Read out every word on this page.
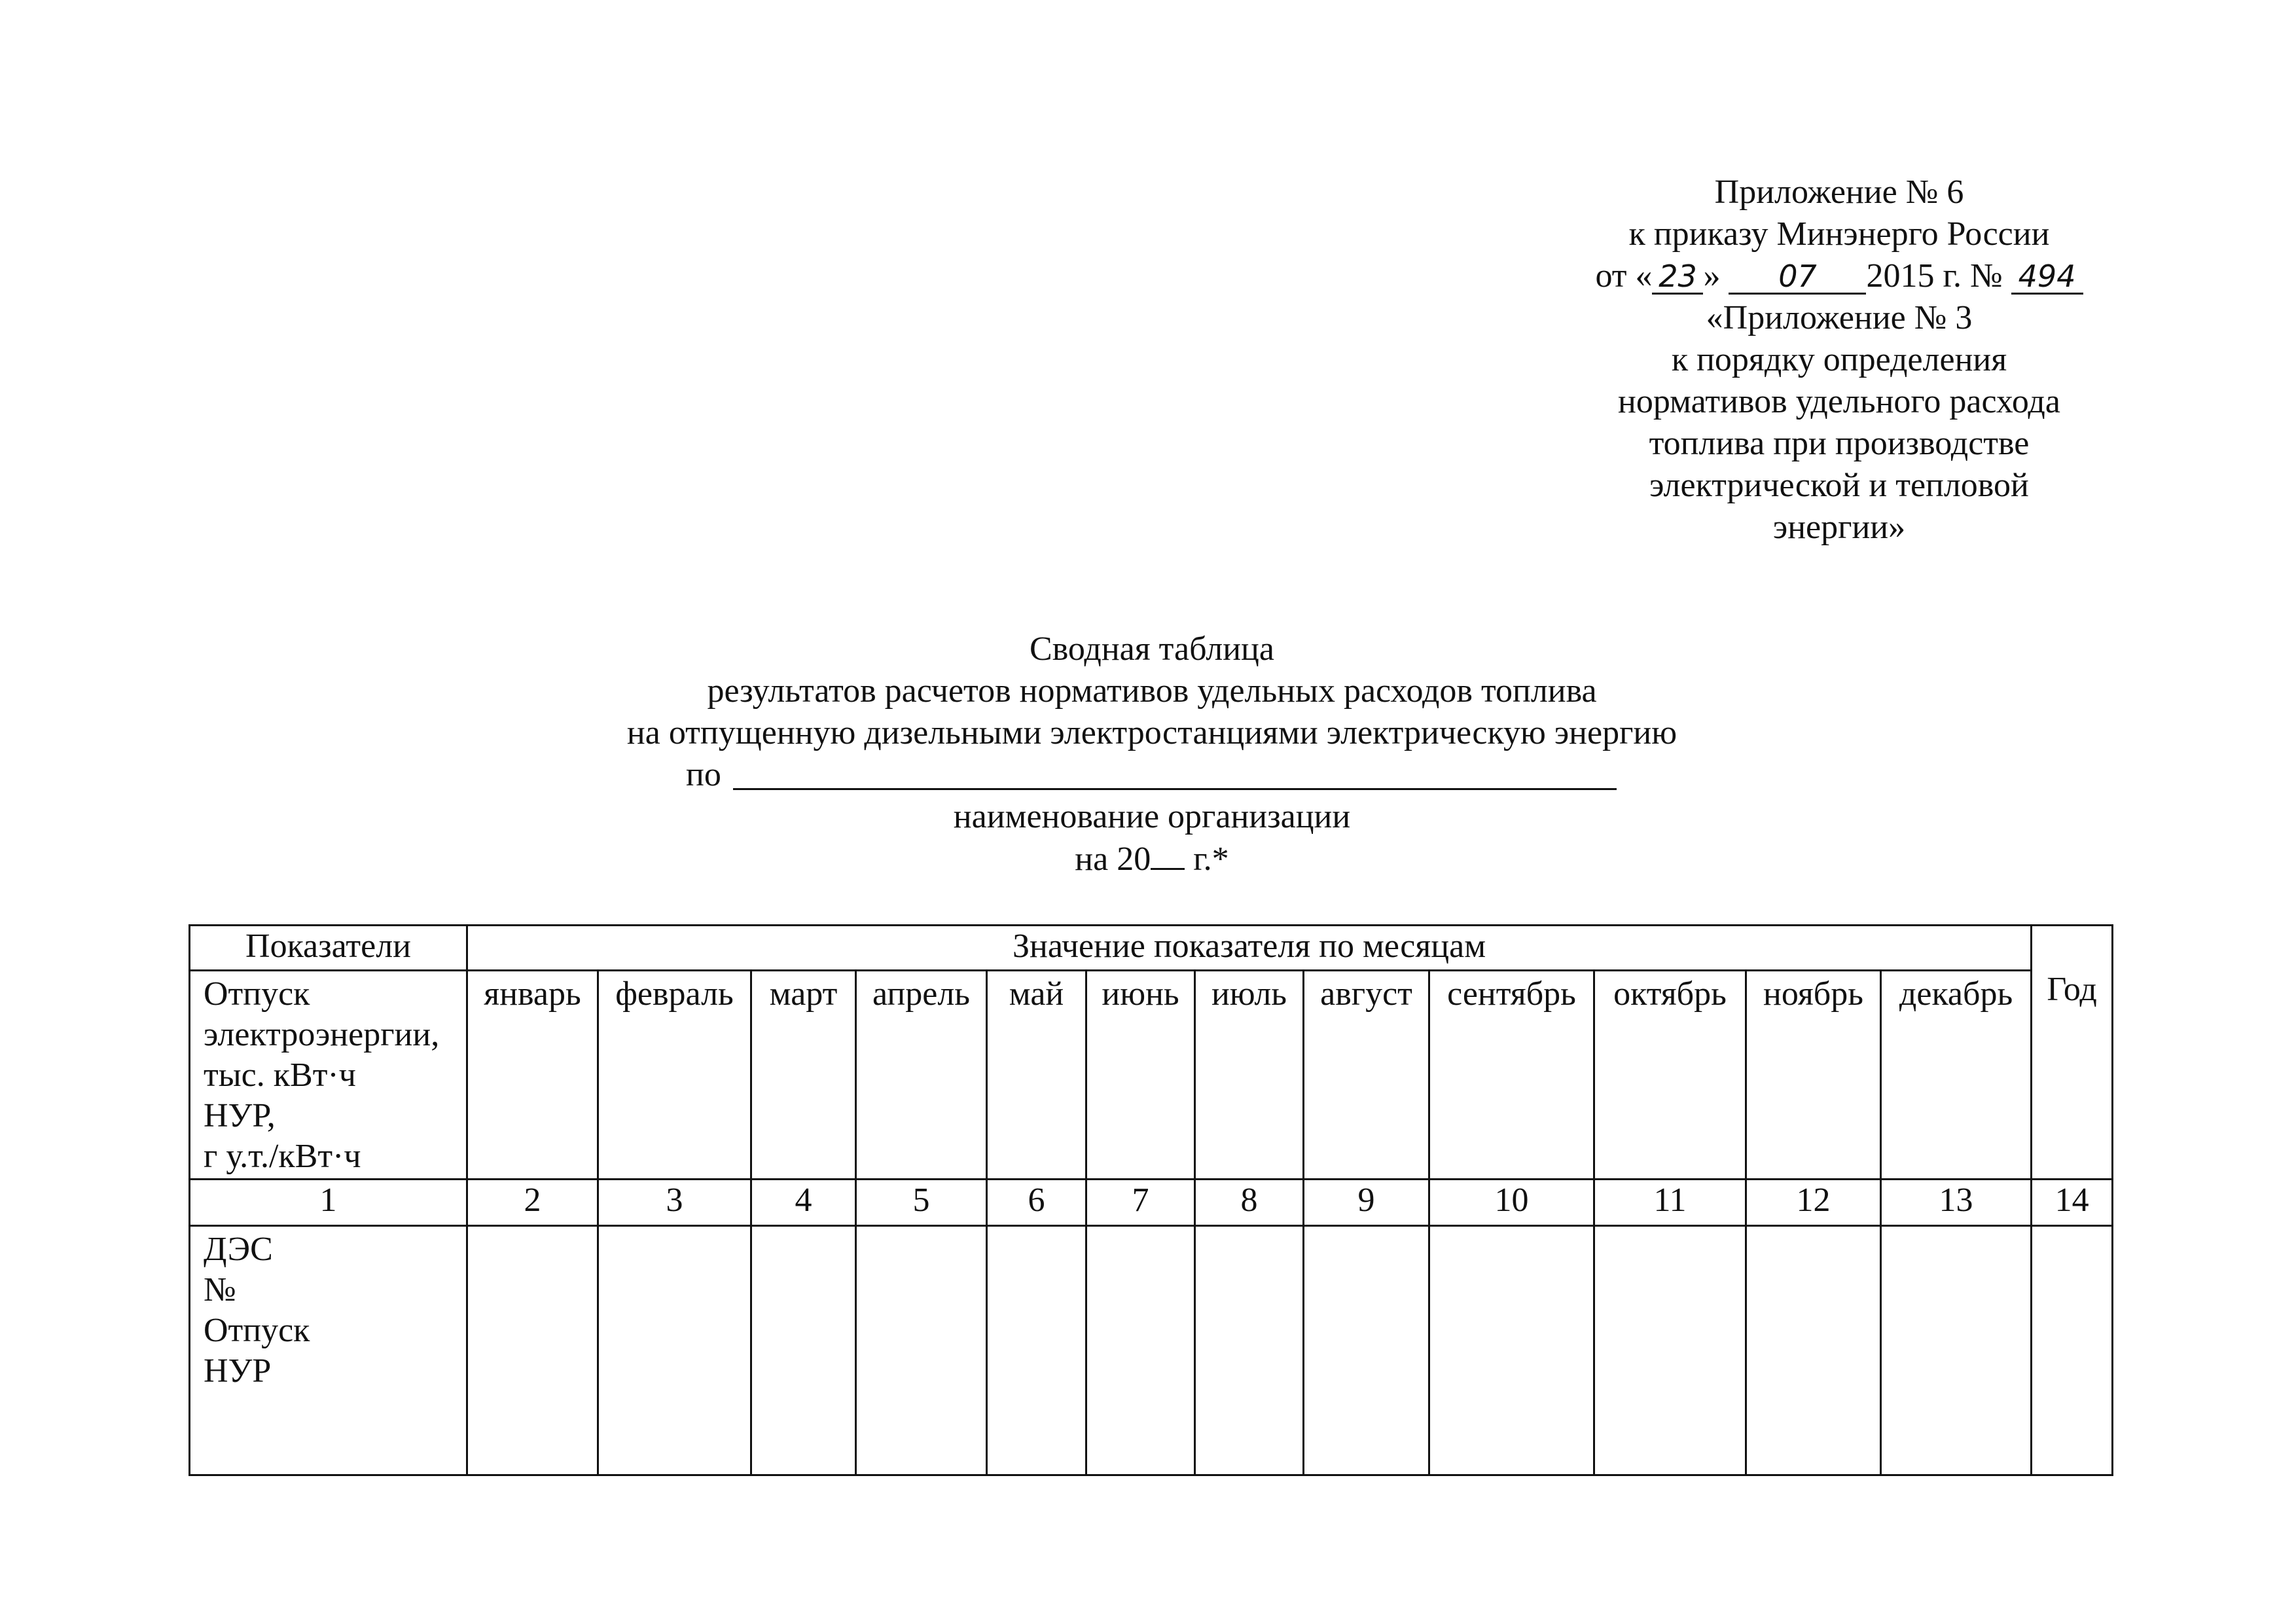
Приложение № 6
к приказу Минэнерго России
от « 23 » 07 2015 г. № 494
«Приложение № 3
к порядку определения
нормативов удельного расхода
топлива при производстве
электрической и тепловой
энергии»
Сводная таблица
результатов расчетов нормативов удельных расходов топлива
на отпущенную дизельными электростанциями электрическую энергию
по
наименование организации
на 20 г.*
Показатели	Значение показателя по месяцам												Год

Отпуск
электроэнергии,
тыс. кВт·ч
НУР,
г у.т./кВт·ч	январь	февраль	март	апрель	май	июнь	июль	август	сентябрь	октябрь	ноябрь	декабрь	
1	2	3	4	5	6	7	8	9	10	11	12	13	14

ДЭС
№
Отпуск
НУР													
